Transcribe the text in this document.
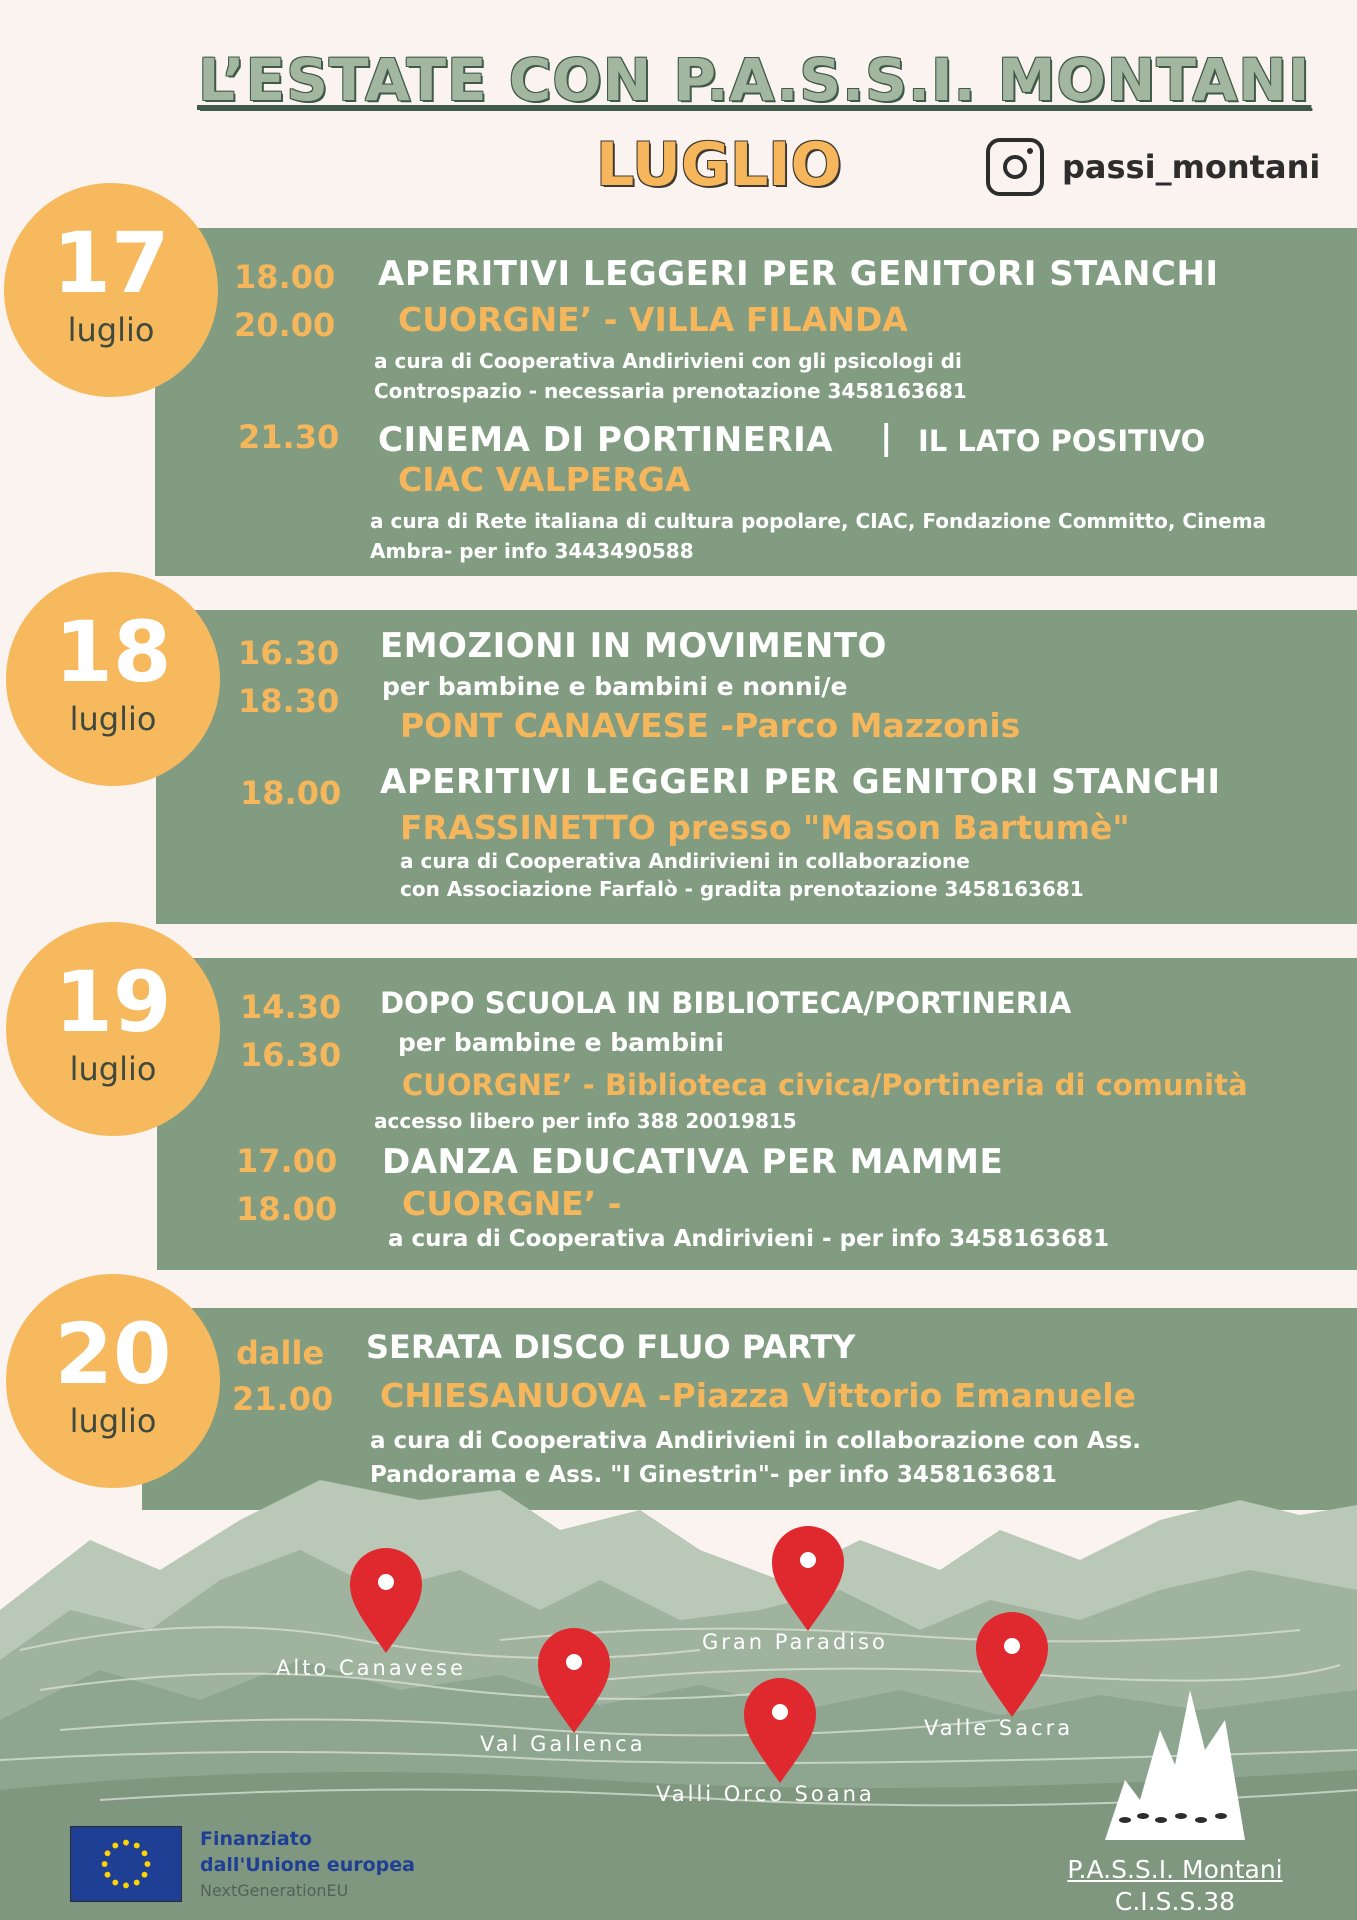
L’ESTATE CON P.A.S.S.I. MONTANI
LUGLIO	passi_montani
17
luglio
18.00
20.00
APERITIVI LEGGERI PER GENITORI STANCHI
CUORGNE’ - VILLA FILANDA
a cura di Cooperativa Andirivieni con gli psicologi di
Controspazio - necessaria prenotazione 3458163681
21.30 CINEMA DI PORTINERIA | IL LATO POSITIVO
CIAC VALPERGA
a cura di Rete italiana di cultura popolare, CIAC, Fondazione Committo, Cinema
Ambra- per info 3443490588
18
luglio
16.30
18.30
EMOZIONI IN MOVIMENTO
per bambine e bambini e nonni/e
PONT CANAVESE -Parco Mazzonis
18.00 APERITIVI LEGGERI PER GENITORI STANCHI
FRASSINETTO presso "Mason Bartumè"
a cura di Cooperativa Andirivieni in collaborazione
con Associazione Farfalò - gradita prenotazione 3458163681
19
luglio
14.30
16.30
DOPO SCUOLA IN BIBLIOTECA/PORTINERIA
per bambine e bambini
CUORGNE’ - Biblioteca civica/Portineria di comunità
accesso libero per info 388 20019815
17.00
18.00
DANZA EDUCATIVA PER MAMME
CUORGNE’ -
a cura di Cooperativa Andirivieni - per info 3458163681
20
luglio
dalle
21.00
SERATA DISCO FLUO PARTY
CHIESANUOVA -Piazza Vittorio Emanuele
a cura di Cooperativa Andirivieni in collaborazione con Ass.
Pandorama e Ass. "I Ginestrin"- per info 3458163681
Alto Canavese
Gran Paradiso
Val Gallenca
Valle Sacra
Valli Orco Soana
Finanziato
dall'Unione europea
NextGenerationEU
P.A.S.S.I. Montani
C.I.S.S.38
